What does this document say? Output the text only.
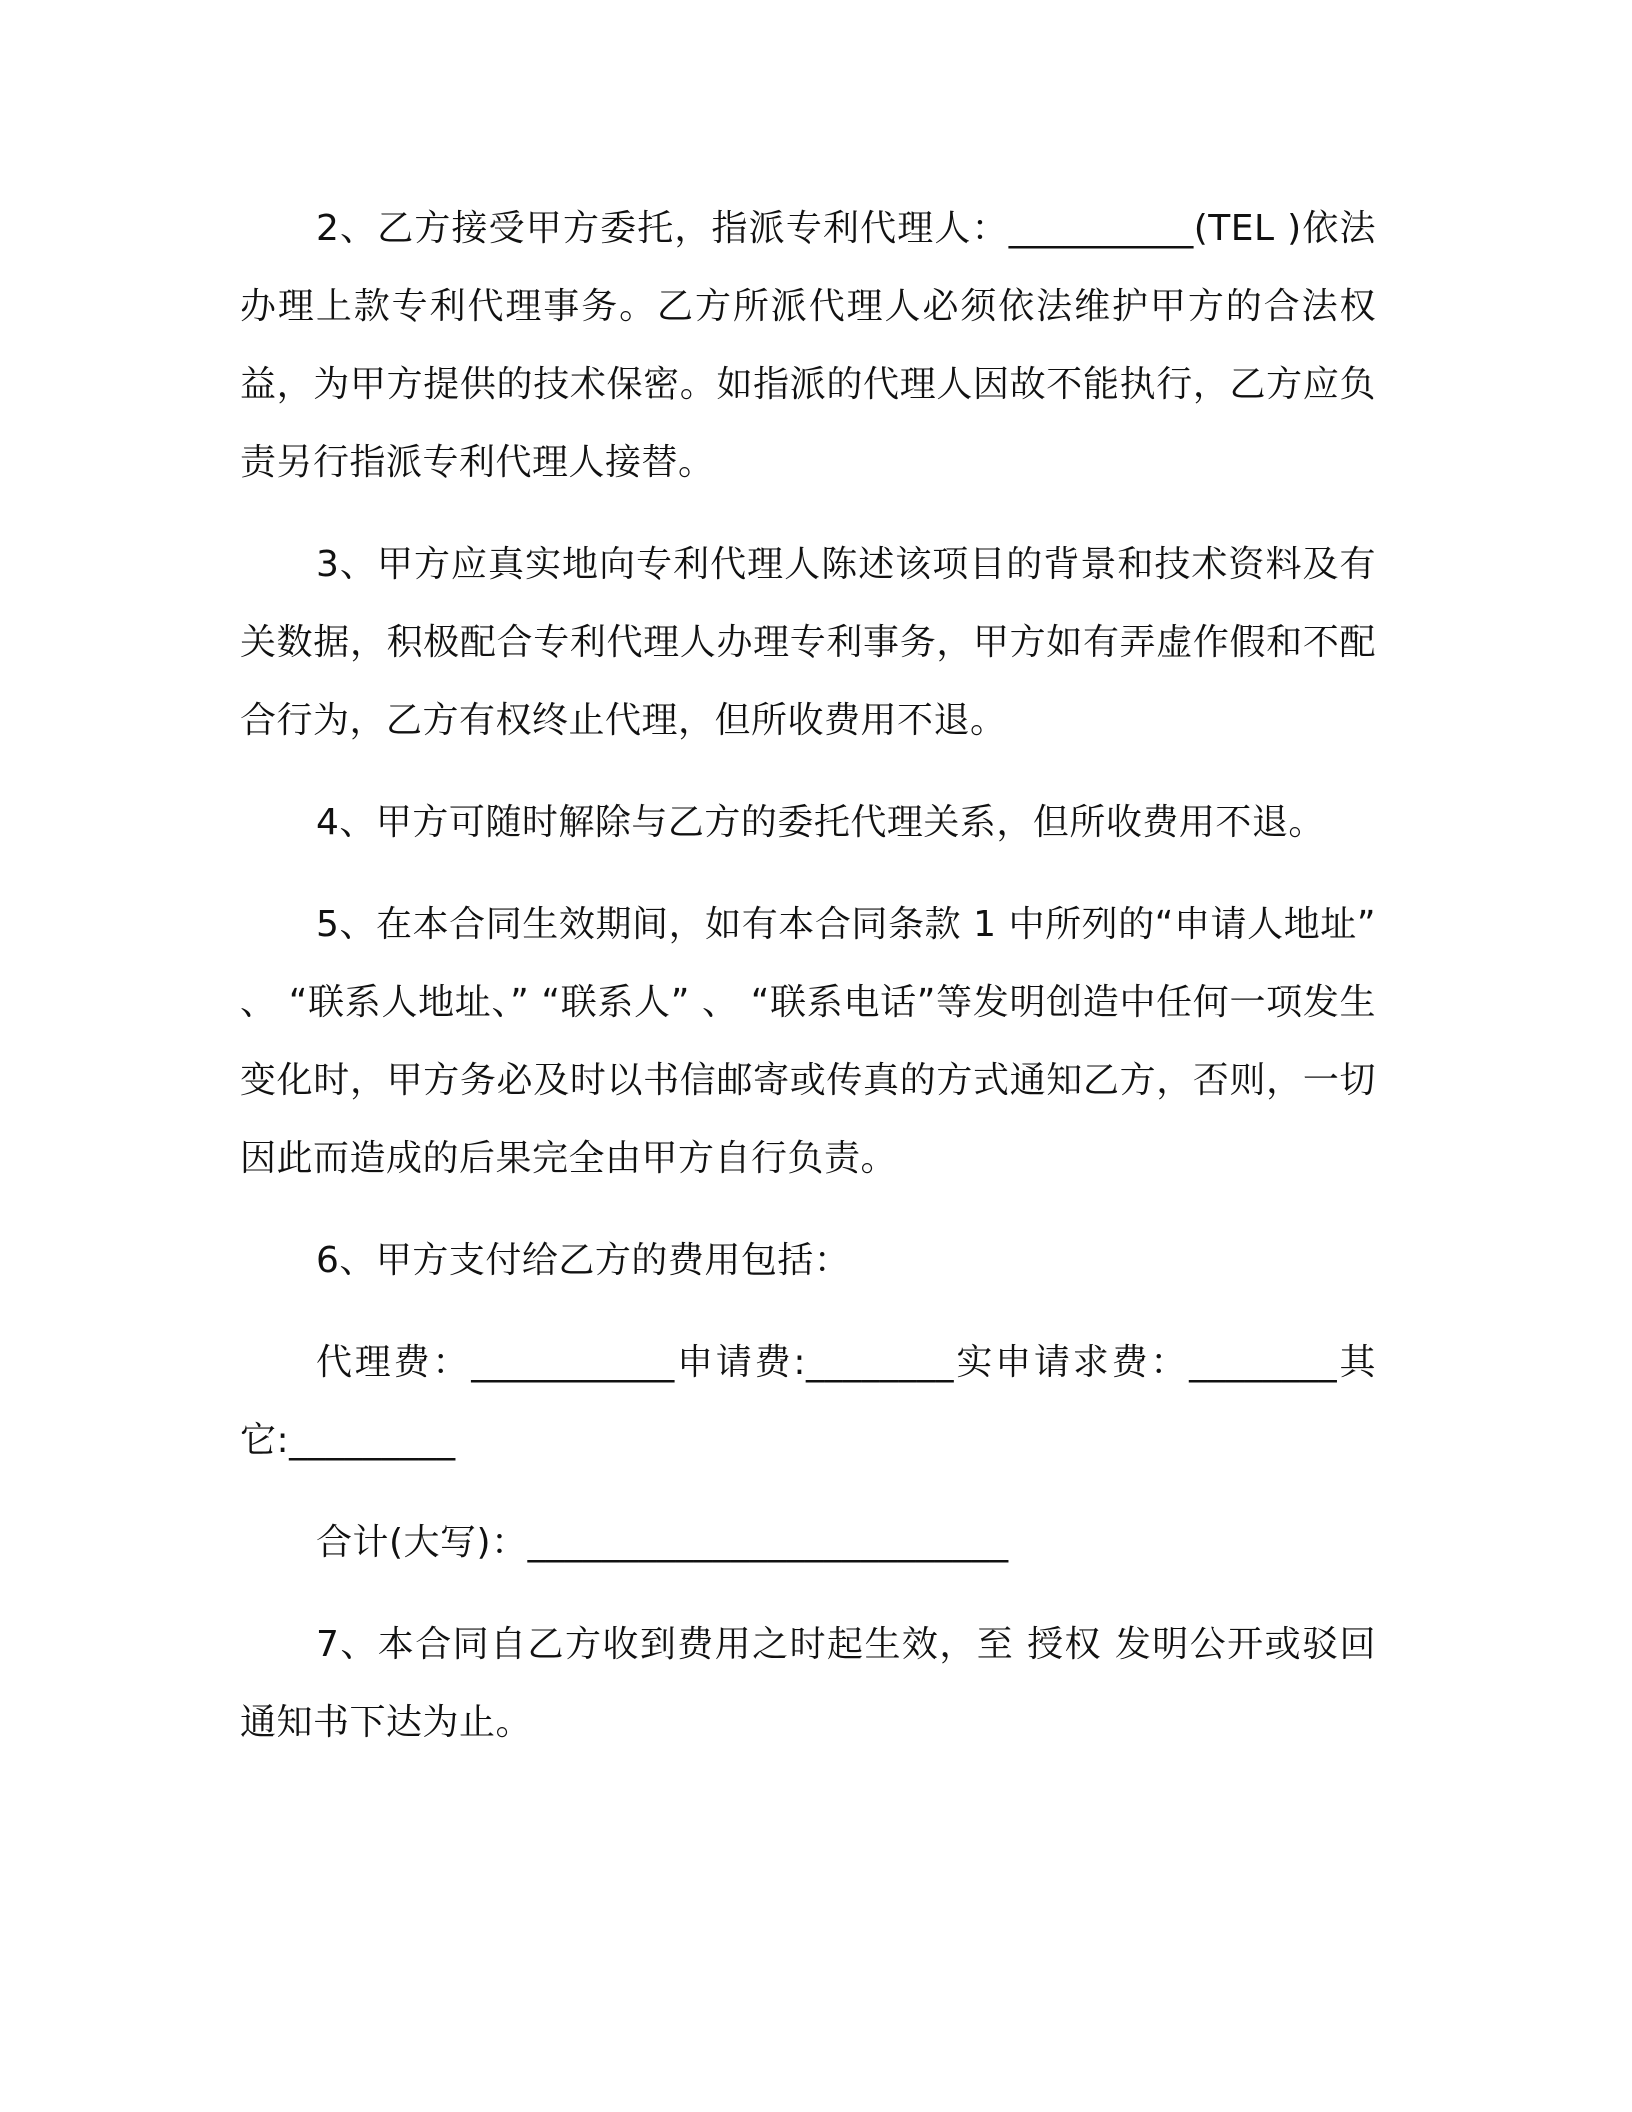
2、乙方接受甲方委托，指派专利代理人：__________(TEL )依法办理上款专利代理事务。乙方所派代理人必须依法维护甲方的合法权益，为甲方提供的技术保密。如指派的代理人因故不能执行，乙方应负责另行指派专利代理人接替。

3、甲方应真实地向专利代理人陈述该项目的背景和技术资料及有关数据，积极配合专利代理人办理专利事务，甲方如有弄虚作假和不配合行为，乙方有权终止代理，但所收费用不退。

4、甲方可随时解除与乙方的委托代理关系，但所收费用不退。

5、在本合同生效期间，如有本合同条款 1 中所列的“申请人地址” 、 “联系人地址、” “联系人” 、 “联系电话”等发明创造中任何一项发生变化时，甲方务必及时以书信邮寄或传真的方式通知乙方，否则，一切因此而造成的后果完全由甲方自行负责。

6、甲方支付给乙方的费用包括：

代理费：___________申请费:________实申请求费：________其它:_________

合计(大写)：__________________________

7、本合同自乙方收到费用之时起生效，至 授权 发明公开或驳回通知书下达为止。
